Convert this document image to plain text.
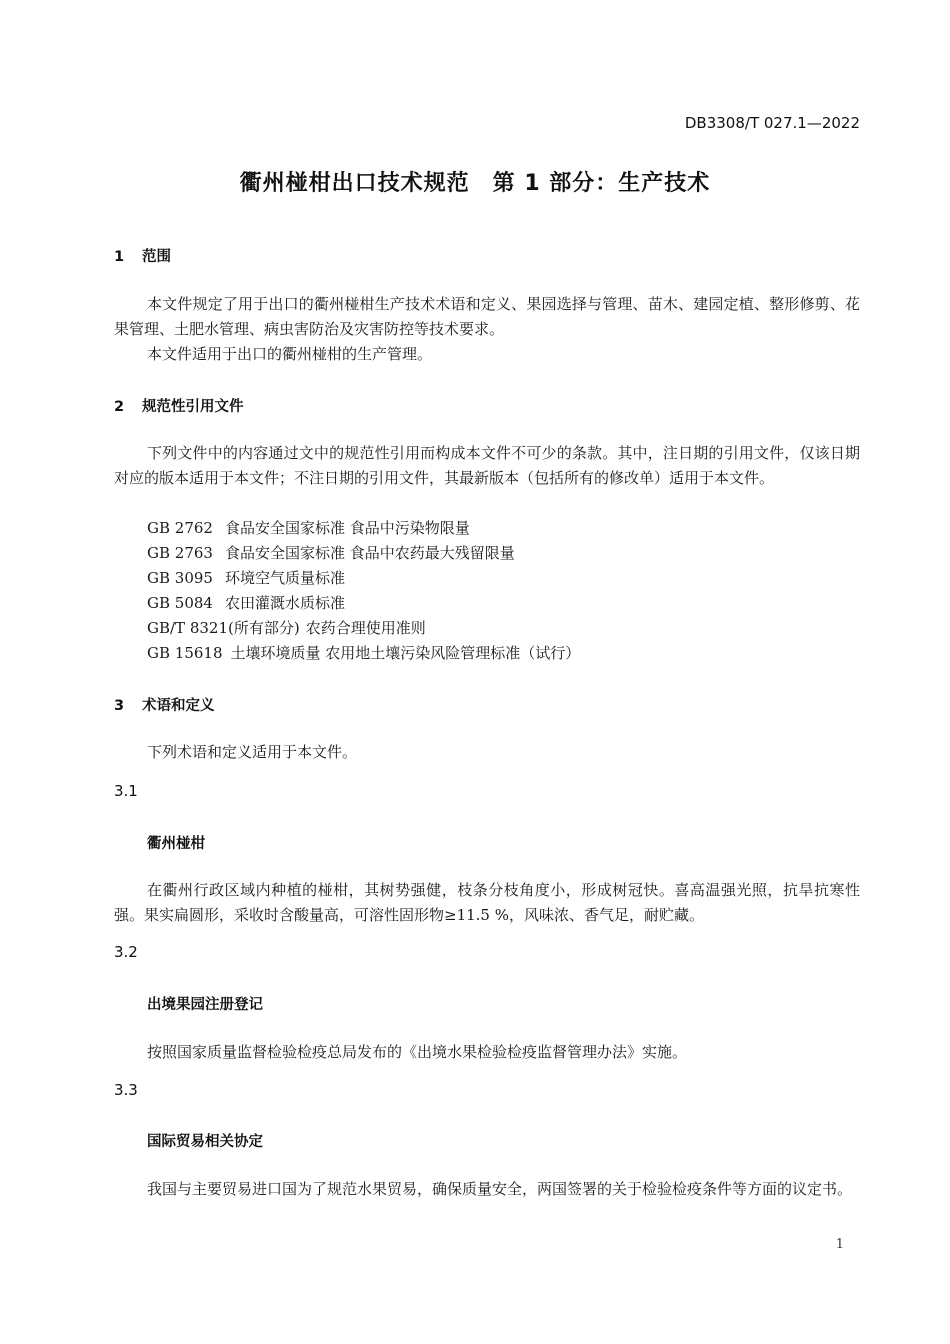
DB3308/T 027.1—2022
衢州椪柑出口技术规范　第 1 部分：生产技术
1 范围
本文件规定了用于出口的衢州椪柑生产技术术语和定义、果园选择与管理、苗木、建园定植、整形修剪、花果管理、土肥水管理、病虫害防治及灾害防控等技术要求。
本文件适用于出口的衢州椪柑的生产管理。
2 规范性引用文件
下列文件中的内容通过文中的规范性引用而构成本文件不可少的条款。其中，注日期的引用文件，仅该日期对应的版本适用于本文件；不注日期的引用文件，其最新版本（包括所有的修改单）适用于本文件。
GB 2762 食品安全国家标准 食品中污染物限量
GB 2763 食品安全国家标准 食品中农药最大残留限量
GB 3095 环境空气质量标准
GB 5084 农田灌溉水质标准
GB/T 8321(所有部分) 农药合理使用准则
GB 15618 土壤环境质量 农用地土壤污染风险管理标准（试行）
3 术语和定义
下列术语和定义适用于本文件。
3.1
衢州椪柑
在衢州行政区域内种植的椪柑，其树势强健，枝条分枝角度小，形成树冠快。喜高温强光照，抗旱抗寒性强。果实扁圆形，采收时含酸量高，可溶性固形物≥11.5 %，风味浓、香气足，耐贮藏。
3.2
出境果园注册登记
按照国家质量监督检验检疫总局发布的《出境水果检验检疫监督管理办法》实施。
3.3
国际贸易相关协定
我国与主要贸易进口国为了规范水果贸易，确保质量安全，两国签署的关于检验检疫条件等方面的议定书。
1
